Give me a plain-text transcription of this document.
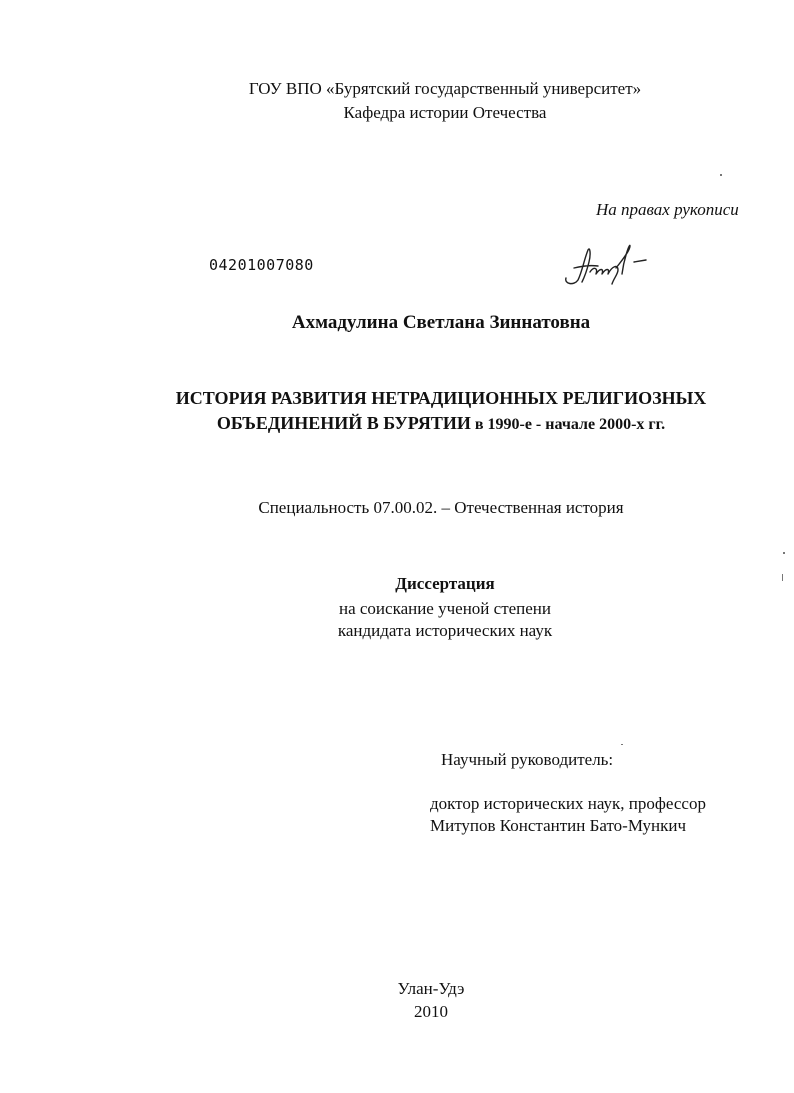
ГОУ ВПО «Бурятский государственный университет»
Кафедра истории Отечества
На правах рукописи
04201007080
Ахмадулина Светлана Зиннатовна
ИСТОРИЯ РАЗВИТИЯ НЕТРАДИЦИОННЫХ РЕЛИГИОЗНЫХ
ОБЪЕДИНЕНИЙ В БУРЯТИИ в 1990-е - начале 2000-х гг.
Специальность 07.00.02. – Отечественная история
Диссертация
на соискание ученой степени
кандидата исторических наук
Научный руководитель:
доктор исторических наук, профессор
Митупов Константин Бато-Мункич
Улан-Удэ
2010
